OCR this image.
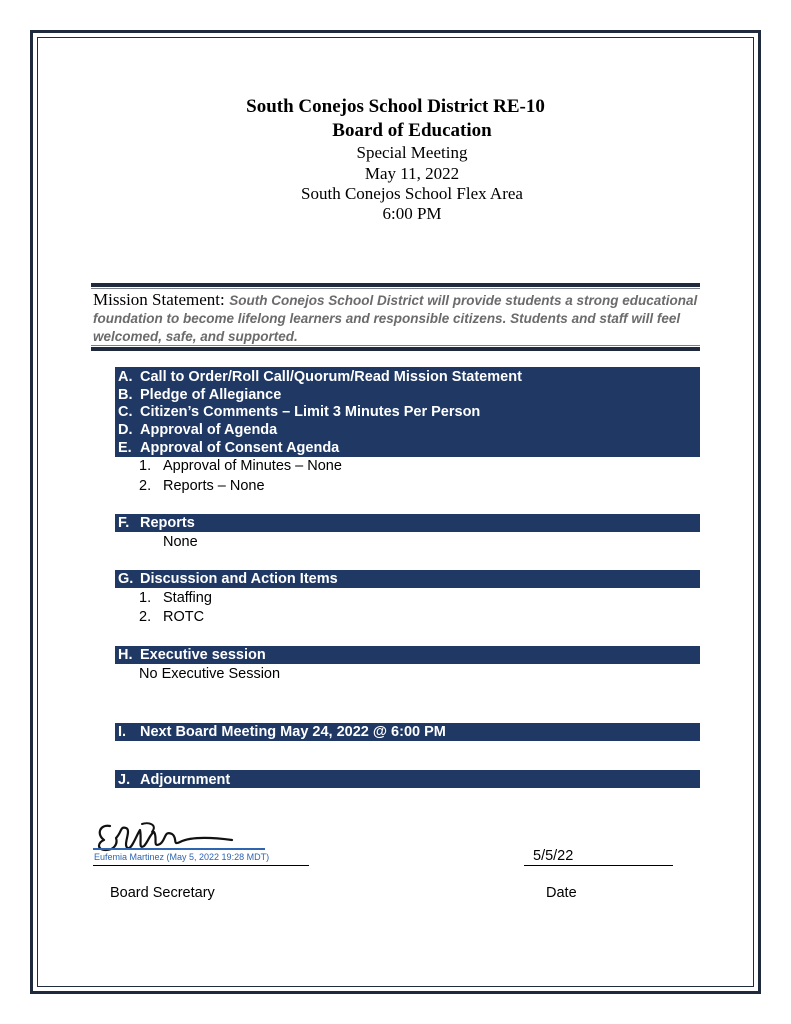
South Conejos School District RE-10
Board of Education
Special Meeting
May 11, 2022
South Conejos School Flex Area
6:00 PM
Mission Statement: South Conejos School District will provide students a strong educational foundation to become lifelong learners and responsible citizens. Students and staff will feel welcomed, safe, and supported.
A. Call to Order/Roll Call/Quorum/Read Mission Statement
B. Pledge of Allegiance
C. Citizen’s Comments – Limit 3 Minutes Per Person
D. Approval of Agenda
E. Approval of Consent Agenda
1. Approval of Minutes – None
2. Reports – None
F. Reports
None
G. Discussion and Action Items
1. Staffing
2. ROTC
H. Executive session
No Executive Session
I. Next Board Meeting May 24, 2022 @ 6:00 PM
J. Adjournment
Eufemia Martinez (May 5, 2022 19:28 MDT)	5/5/22
Board Secretary	Date
